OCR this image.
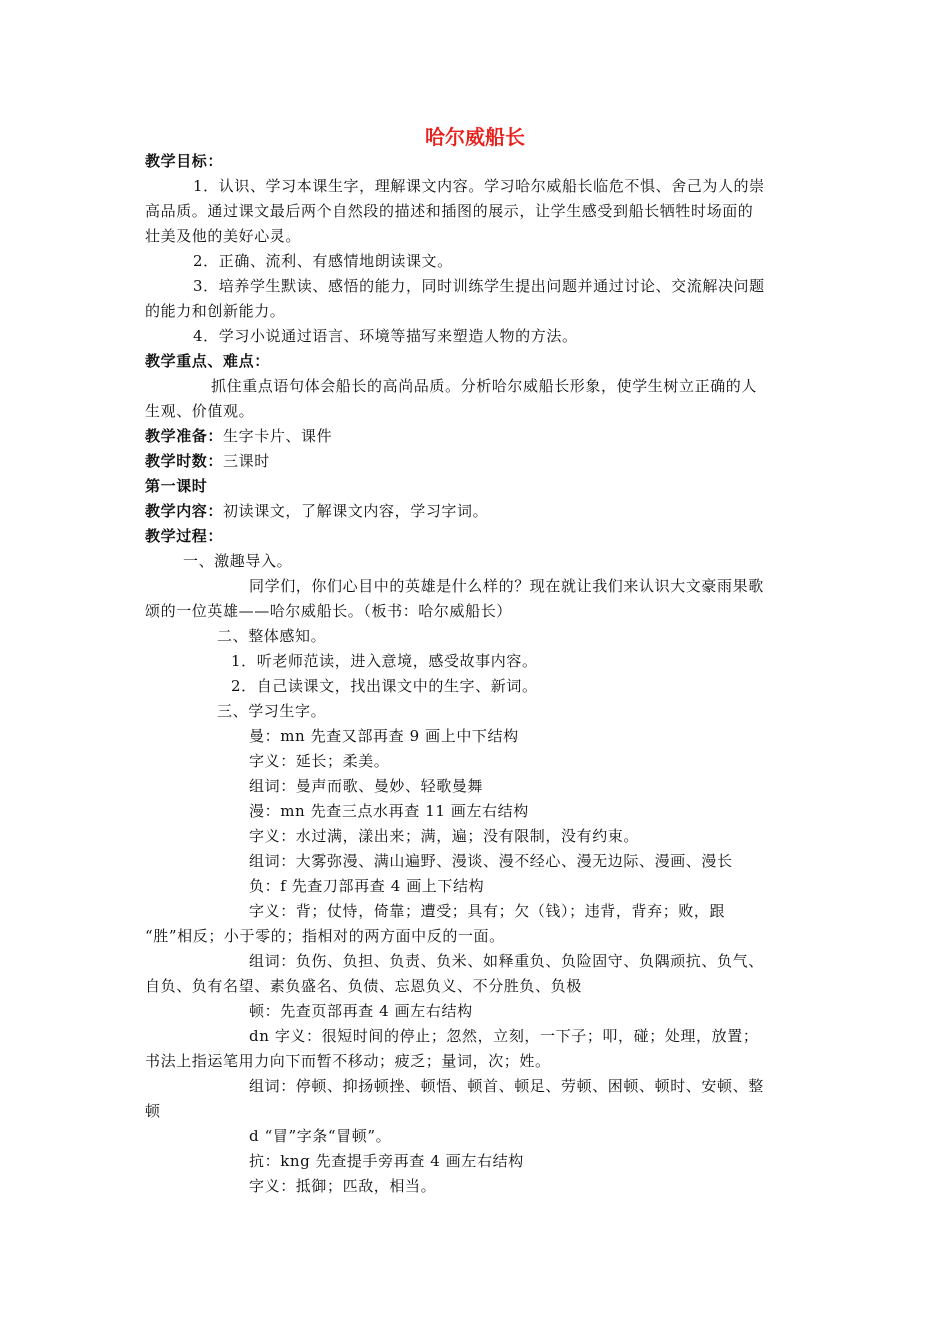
哈尔威船长
教学目标：
1．认识、学习本课生字，理解课文内容。学习哈尔威船长临危不惧、舍己为人的崇
高品质。通过课文最后两个自然段的描述和插图的展示，让学生感受到船长牺牲时场面的
壮美及他的美好心灵。
2．正确、流利、有感情地朗读课文。
3．培养学生默读、感悟的能力，同时训练学生提出问题并通过讨论、交流解决问题
的能力和创新能力。
4．学习小说通过语言、环境等描写来塑造人物的方法。
教学重点、难点：
抓住重点语句体会船长的高尚品质。分析哈尔威船长形象，使学生树立正确的人
生观、价值观。
教学准备：生字卡片、课件
教学时数：三课时
第一课时
教学内容：初读课文，了解课文内容，学习字词。
教学过程：
一、激趣导入。
同学们，你们心目中的英雄是什么样的？现在就让我们来认识大文豪雨果歌
颂的一位英雄——哈尔威船长。（板书：哈尔威船长）
二、整体感知。
1．听老师范读，进入意境，感受故事内容。
2．自己读课文，找出课文中的生字、新词。
三、学习生字。
曼：mn 先查又部再查 9 画上中下结构
字义：延长；柔美。
组词：曼声而歌、曼妙、轻歌曼舞
漫：mn 先查三点水再查 11 画左右结构
字义：水过满，漾出来；满，遍；没有限制，没有约束。
组词：大雾弥漫、满山遍野、漫谈、漫不经心、漫无边际、漫画、漫长
负：f 先查刀部再查 4 画上下结构
字义：背；仗恃，倚靠；遭受；具有；欠（钱）；违背，背弃；败，跟
“胜”相反；小于零的；指相对的两方面中反的一面。
组词：负伤、负担、负责、负米、如释重负、负险固守、负隅顽抗、负气、
自负、负有名望、素负盛名、负债、忘恩负义、不分胜负、负极
顿：先查页部再查 4 画左右结构
dn 字义：很短时间的停止；忽然，立刻，一下子；叩，碰；处理，放置；
书法上指运笔用力向下而暂不移动；疲乏；量词，次；姓。
组词：停顿、抑扬顿挫、顿悟、顿首、顿足、劳顿、困顿、顿时、安顿、整
顿
d “冒”字条“冒顿”。
抗：kng 先查提手旁再查 4 画左右结构
字义：抵御；匹敌，相当。
